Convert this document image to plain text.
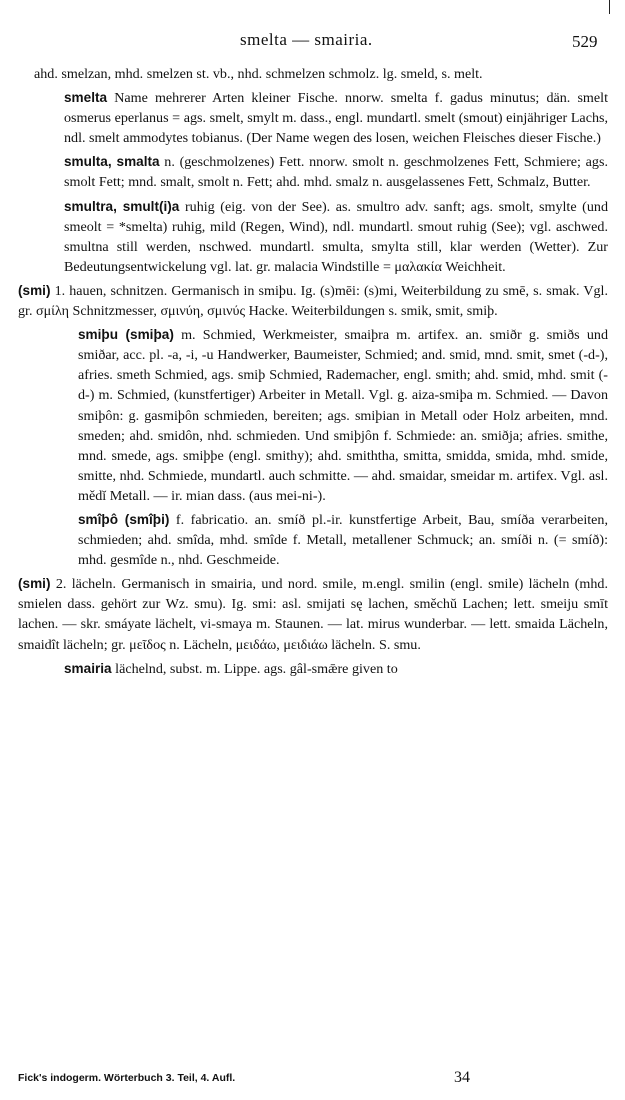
smelta — smairia.	529

ahd. smelzan, mhd. smelzen st. vb., nhd. schmelzen schmolz. lg. smeld, s. melt.

smelta Name mehrerer Arten kleiner Fische. nnorw. smelta f. gadus minutus; dän. smelt osmerus eperlanus = ags. smelt, smylt m. dass., engl. mundartl. smelt (smout) einjähriger Lachs, ndl. smelt ammodytes tobianus. (Der Name wegen des losen, weichen Fleisches dieser Fische.)

smulta, smalta n. (geschmolzenes) Fett. nnorw. smolt n. geschmolzenes Fett, Schmiere; ags. smolt Fett; mnd. smalt, smolt n. Fett; ahd. mhd. smalz n. ausgelassenes Fett, Schmalz, Butter.

smultra, smult(i)a ruhig (eig. von der See). as. smultro adv. sanft; ags. smolt, smylte (und smeolt = *smelta) ruhig, mild (Regen, Wind), ndl. mundartl. smout ruhig (See); vgl. aschwed. smultna still werden, nschwed. mundartl. smulta, smylta still, klar werden (Wetter). Zur Bedeutungsentwickelung vgl. lat. gr. malacia Windstille = μαλακία Weichheit.

(smi) 1. hauen, schnitzen. Germanisch in smiþu. Ig. (s)mēi: (s)mi, Weiterbildung zu smē, s. smak. Vgl. gr. σμίλη Schnitzmesser, σμινύη, σμινύς Hacke. Weiterbildungen s. smik, smit, smiþ.

smiþu (smiþa) m. Schmied, Werkmeister, smaiþra m. artifex. an. smiðr g. smiðs und smiðar, acc. pl. -a, -i, -u Handwerker, Baumeister, Schmied; and. smid, mnd. smit, smet (-d-), afries. smeth Schmied, ags. smiþ Schmied, Rademacher, engl. smith; ahd. smid, mhd. smit (-d-) m. Schmied, (kunstfertiger) Arbeiter in Metall. Vgl. g. aiza-smiþa m. Schmied. — Davon smiþôn: g. gasmiþôn schmieden, bereiten; ags. smiþian in Metall oder Holz arbeiten, mnd. smeden; ahd. smidôn, nhd. schmieden. Und smiþjôn f. Schmiede: an. smiðja; afries. smithe, mnd. smede, ags. smiþþe (engl. smithy); ahd. smiththa, smitta, smidda, smida, mhd. smide, smitte, nhd. Schmiede, mundartl. auch schmitte. — ahd. smaidar, smeidar m. artifex. Vgl. asl. mědĭ Metall. — ir. mian dass. (aus mei-ni-).

smîþô (smîþi) f. fabricatio. an. smíð pl.-ir. kunstfertige Arbeit, Bau, smíða verarbeiten, schmieden; ahd. smîda, mhd. smîde f. Metall, metallener Schmuck; an. smíði n. (= smíð): mhd. gesmîde n., nhd. Geschmeide.

(smi) 2. lächeln. Germanisch in smairia, und nord. smile, m.engl. smilin (engl. smile) lächeln (mhd. smielen dass. gehört zur Wz. smu). Ig. smi: asl. smijati sę lachen, směchŭ Lachen; lett. smeiju smīt lachen. — skr. smáyate lächelt, vi-smaya m. Staunen. — lat. mirus wunderbar. — lett. smaida Lächeln, smaidît lächeln; gr. μεῖδος n. Lächeln, μειδάω, μειδιάω lächeln. S. smu.

smairia lächelnd, subst. m. Lippe. ags. gâl-smǣre given to

Fick's indogerm. Wörterbuch 3. Teil, 4. Aufl.	34
